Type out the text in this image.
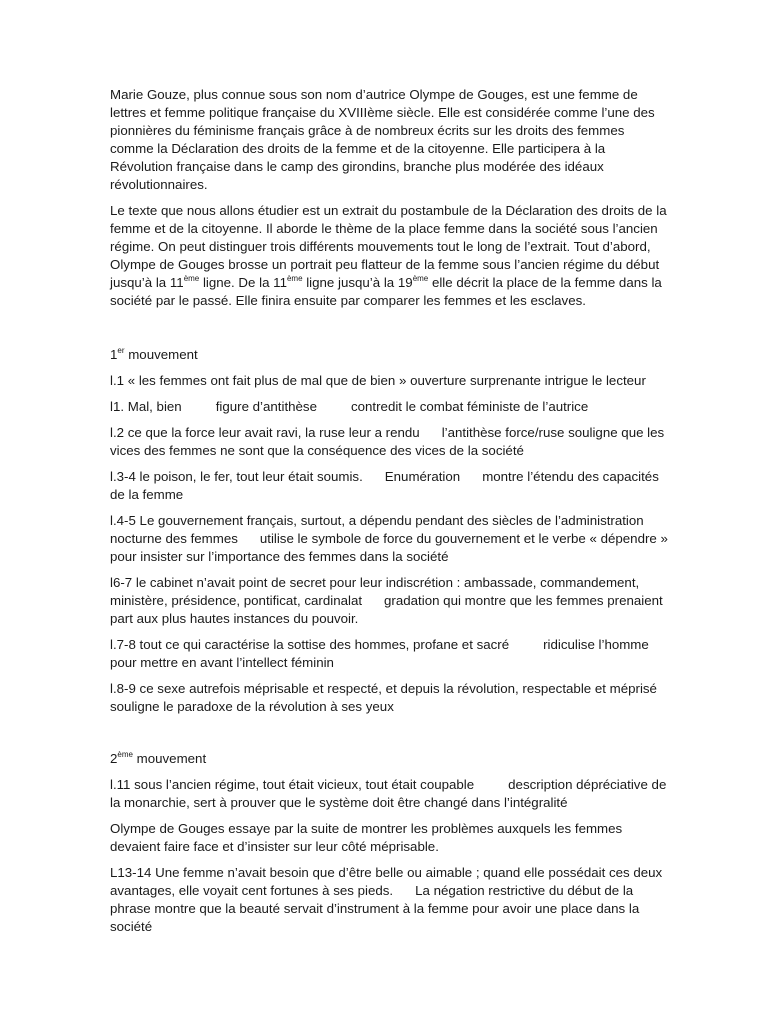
Marie Gouze, plus connue sous son nom d’autrice Olympe de Gouges, est une femme de lettres et femme politique française du XVIIIème siècle. Elle est considérée comme l’une des pionnières du féminisme français grâce à de nombreux écrits sur les droits des femmes comme la Déclaration des droits de la femme et de la citoyenne. Elle participera à la Révolution française dans le camp des girondins, branche plus modérée des idéaux révolutionnaires.

Le texte que nous allons étudier est un extrait du postambule de la Déclaration des droits de la femme et de la citoyenne. Il aborde le thème de la place femme dans la société sous l’ancien régime. On peut distinguer trois différents mouvements tout le long de l’extrait. Tout d’abord, Olympe de Gouges brosse un portrait peu flatteur de la femme sous l’ancien régime du début jusqu’à la 11ème ligne. De la 11ème ligne jusqu’à la 19ème elle décrit la place de la femme dans la société par le passé. Elle finira ensuite par comparer les femmes et les esclaves.

1er mouvement

l.1 « les femmes ont fait plus de mal que de bien » ouverture surprenante intrigue le lecteur

l1. Mal, bien	figure d’antithèse	contredit le combat féministe de l’autrice

l.2 ce que la force leur avait ravi, la ruse leur a rendu l’antithèse force/ruse souligne que les vices des femmes ne sont que la conséquence des vices de la société

l.3-4 le poison, le fer, tout leur était soumis. Enumération montre l’étendu des capacités de la femme

l.4-5 Le gouvernement français, surtout, a dépendu pendant des siècles de l’administration nocturne des femmes utilise le symbole de force du gouvernement et le verbe « dépendre » pour insister sur l’importance des femmes dans la société

l6-7 le cabinet n’avait point de secret pour leur indiscrétion : ambassade, commandement, ministère, présidence, pontificat, cardinalat gradation qui montre que les femmes prenaient part aux plus hautes instances du pouvoir.

l.7-8 tout ce qui caractérise la sottise des hommes, profane et sacré	ridiculise l’homme pour mettre en avant l’intellect féminin

l.8-9 ce sexe autrefois méprisable et respecté, et depuis la révolution, respectable et méprisé souligne le paradoxe de la révolution à ses yeux

2ème mouvement

l.11 sous l’ancien régime, tout était vicieux, tout était coupable	description dépréciative de la monarchie, sert à prouver que le système doit être changé dans l’intégralité

Olympe de Gouges essaye par la suite de montrer les problèmes auxquels les femmes devaient faire face et d’insister sur leur côté méprisable.

L13-14 Une femme n’avait besoin que d’être belle ou aimable ; quand elle possédait ces deux avantages, elle voyait cent fortunes à ses pieds. La négation restrictive du début de la phrase montre que la beauté servait d’instrument à la femme pour avoir une place dans la société
